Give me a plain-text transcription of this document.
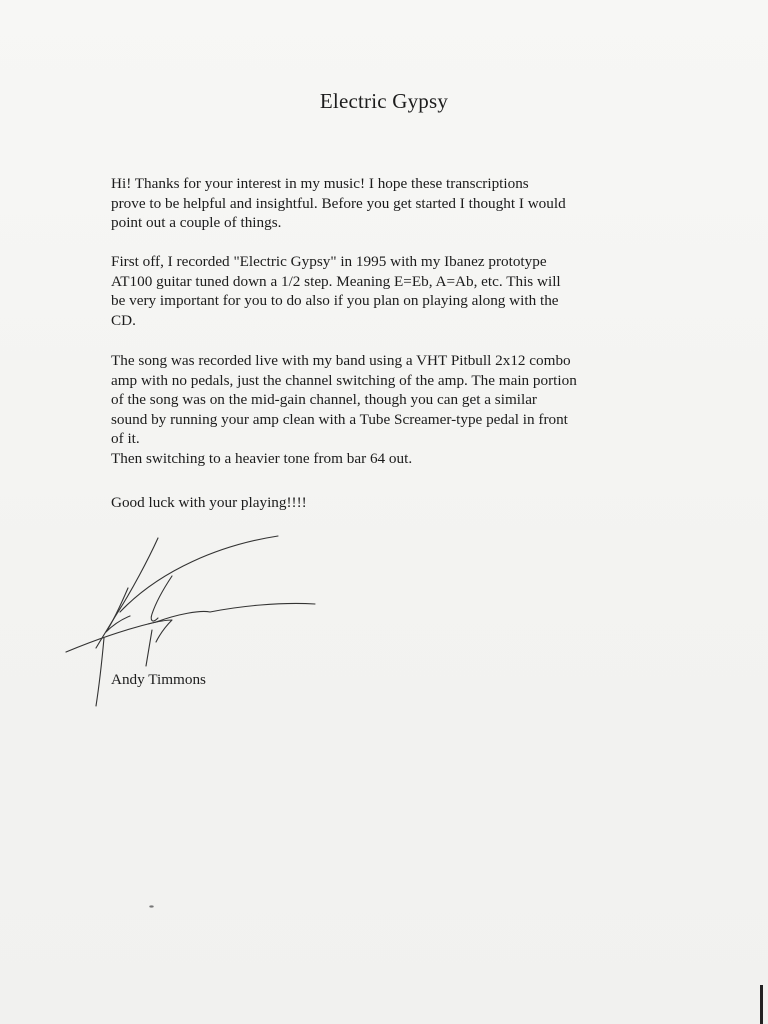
Electric Gypsy
Hi! Thanks for your interest in my music! I hope these transcriptions
prove to be helpful and insightful. Before you get started I thought I would
point out a couple of things.
First off, I recorded "Electric Gypsy" in 1995 with my Ibanez prototype
AT100 guitar tuned down a 1/2 step. Meaning E=Eb, A=Ab, etc. This will
be very important for you to do also if you plan on playing along with the
CD.
The song was recorded live with my band using a VHT Pitbull 2x12 combo
amp with no pedals, just the channel switching of the amp. The main portion
of the song was on the mid-gain channel, though you can get a similar
sound by running your amp clean with a Tube Screamer-type pedal in front
of it.
Then switching to a heavier tone from bar 64 out.
Good luck with your playing!!!!
Andy Timmons
